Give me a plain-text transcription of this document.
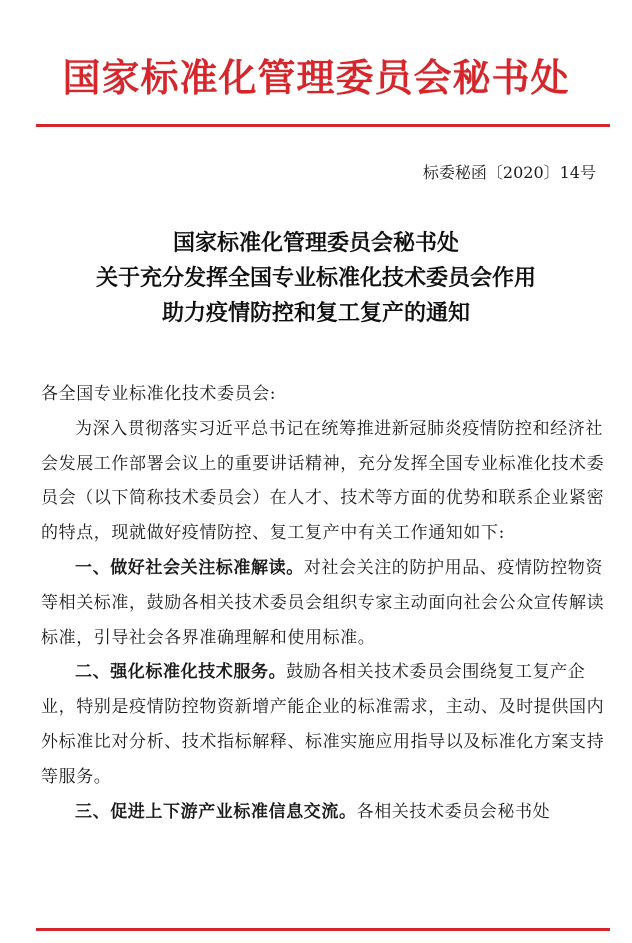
国家标准化管理委员会秘书处
标委秘函〔2020〕14号
国家标准化管理委员会秘书处
关于充分发挥全国专业标准化技术委员会作用
助力疫情防控和复工复产的通知

各全国专业标准化技术委员会:

为深入贯彻落实习近平总书记在统筹推进新冠肺炎疫情防控和经济社会发展工作部署会议上的重要讲话精神，充分发挥全国专业标准化技术委员会（以下简称技术委员会）在人才、技术等方面的优势和联系企业紧密的特点，现就做好疫情防控、复工复产中有关工作通知如下:

一、做好社会关注标准解读。对社会关注的防护用品、疫情防控物资等相关标准，鼓励各相关技术委员会组织专家主动面向社会公众宣传解读标准，引导社会各界准确理解和使用标准。

二、强化标准化技术服务。鼓励各相关技术委员会围绕复工复产企业，特别是疫情防控物资新增产能企业的标准需求，主动、及时提供国内外标准比对分析、技术指标解释、标准实施应用指导以及标准化方案支持等服务。

三、促进上下游产业标准信息交流。各相关技术委员会秘书处
